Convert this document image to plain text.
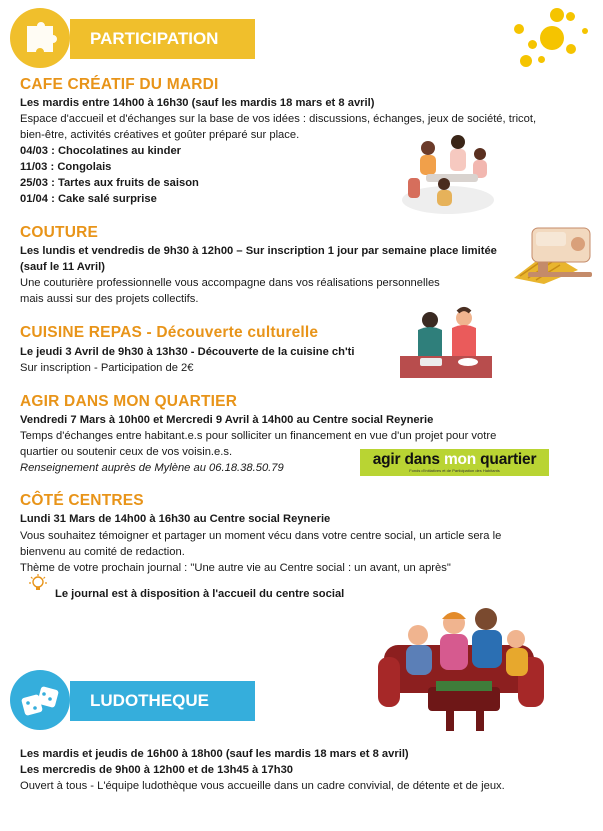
PARTICIPATION
CAFE CRÉATIF DU MARDI

Les mardis entre 14h00 à 16h30 (sauf les mardis 18 mars et 8 avril)

Espace d'accueil et d'échanges sur la base de vos idées : discussions, échanges, jeux de société, tricot,

bien-être, activités créatives et goûter préparé sur place.

04/03 : Chocolatines au kinder

11/03 : Congolais

25/03 : Tartes aux fruits de saison

01/04 : Cake salé surprise

COUTURE

Les lundis et vendredis de 9h30 à 12h00 – Sur inscription 1 jour par semaine place limitée

(sauf le 11 Avril)

Une couturière professionnelle vous accompagne dans vos réalisations personnelles

mais aussi sur des projets collectifs.

CUISINE REPAS - Découverte culturelle

Le jeudi 3 Avril de 9h30 à 13h30 - Découverte de la cuisine ch'ti

Sur inscription - Participation de 2€

AGIR DANS MON QUARTIER

Vendredi 7 Mars à 10h00 et Mercredi 9 Avril à 14h00 au Centre social Reynerie

Temps d'échanges entre habitant.e.s pour solliciter un financement en vue d'un projet pour votre

quartier ou soutenir ceux de vos voisin.e.s.

Renseignement auprès de Mylène au 06.18.38.50.79	agir dans mon quartier
Fonds d'Initiatives et de Participation des Habitants
CÔTÉ CENTRES

Lundi 31 Mars de 14h00 à 16h30 au Centre social Reynerie

Vous souhaitez témoigner et partager un moment vécu dans votre centre social, un article sera le

bienvenu au comité de redaction.

Thème de votre prochain journal : "Une autre vie au Centre social : un avant, un après"

Le journal est à disposition à l'accueil du centre social

LUDOTHEQUE

Les mardis et jeudis de 16h00 à 18h00 (sauf les mardis 18 mars et 8 avril)

Les mercredis de 9h00 à 12h00 et de 13h45 à 17h30

Ouvert à tous - L'équipe ludothèque vous accueille dans un cadre convivial, de détente et de jeux.
